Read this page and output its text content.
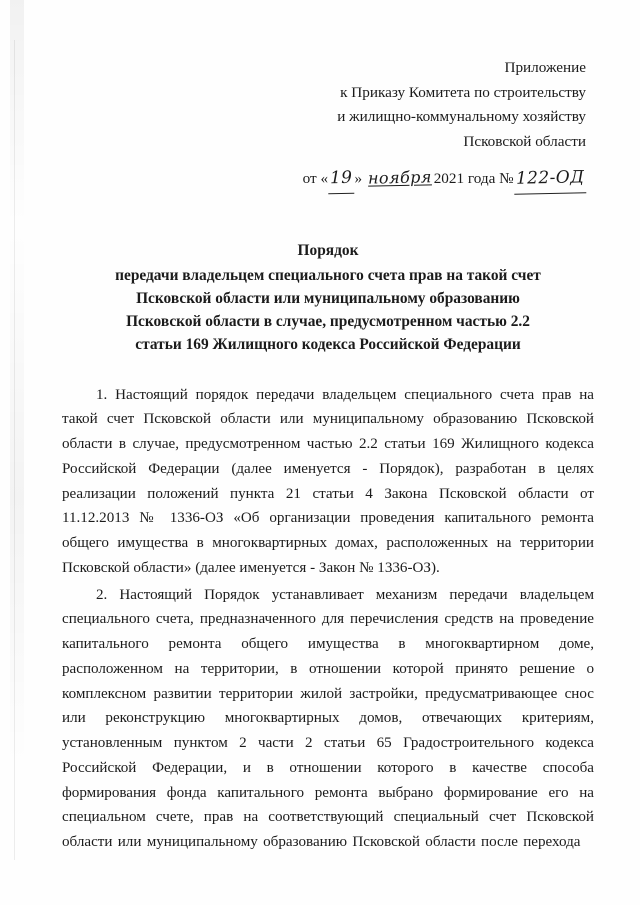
Приложение
к Приказу Комитета по строительству
и жилищно-коммунальному хозяйству
Псковской области
от « 19 » ноября 2021 года № 122-ОД
Порядок
передачи владельцем специального счета прав на такой счет
Псковской области или муниципальному образованию
Псковской области в случае, предусмотренном частью 2.2
статьи 169 Жилищного кодекса Российской Федерации

1. Настоящий порядок передачи владельцем специального счета прав на такой счет Псковской области или муниципальному образованию Псковской области в случае, предусмотренном частью 2.2 статьи 169 Жилищного кодекса Российской Федерации (далее именуется - Порядок), разработан в целях реализации положений пункта 21 статьи 4 Закона Псковской области от 11.12.2013 № 1336-ОЗ «Об организации проведения капитального ремонта общего имущества в многоквартирных домах, расположенных на территории Псковской области» (далее именуется - Закон № 1336-ОЗ).

2. Настоящий Порядок устанавливает механизм передачи владельцем специального счета, предназначенного для перечисления средств на проведение капитального ремонта общего имущества в многоквартирном доме, расположенном на территории, в отношении которой принято решение о комплексном развитии территории жилой застройки, предусматривающее снос или реконструкцию многоквартирных домов, отвечающих критериям, установленным пунктом 2 части 2 статьи 65 Градостроительного кодекса Российской Федерации, и в отношении которого в качестве способа формирования фонда капитального ремонта выбрано формирование его на специальном счете, прав на соответствующий специальный счет Псковской области или муниципальному образованию Псковской области после перехода
